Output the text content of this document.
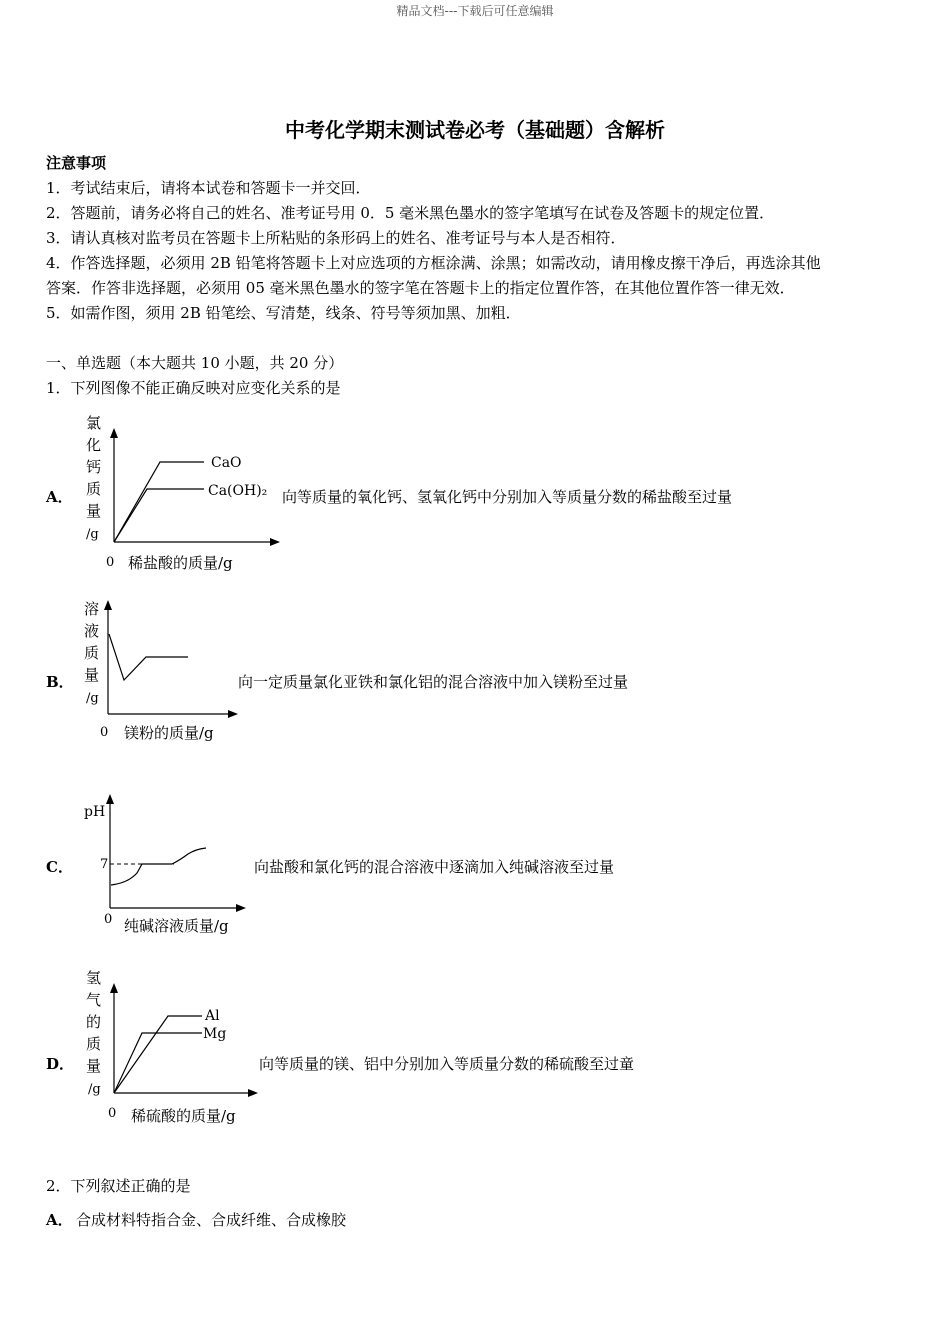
精品文档---下载后可任意编辑
中考化学期末测试卷必考（基础题）含解析
注意事项
1．考试结束后，请将本试卷和答题卡一并交回．
2．答题前，请务必将自己的姓名、准考证号用 0．5 毫米黑色墨水的签字笔填写在试卷及答题卡的规定位置．
3．请认真核对监考员在答题卡上所粘贴的条形码上的姓名、准考证号与本人是否相符．
4．作答选择题，必须用 2B 铅笔将答题卡上对应选项的方框涂满、涂黑；如需改动，请用橡皮擦干净后，再选涂其他
答案．作答非选择题，必须用 05 毫米黑色墨水的签字笔在答题卡上的指定位置作答，在其他位置作答一律无效．
5．如需作图，须用 2B 铅笔绘、写清楚，线条、符号等须加黑、加粗．
一、单选题（本大题共 10 小题，共 20 分）
1．下列图像不能正确反映对应变化关系的是
A．
氯
化
钙
质
量
/g
CaO
Ca(OH)₂
0 稀盐酸的质量/g
向等质量的氧化钙、氢氧化钙中分别加入等质量分数的稀盐酸至过量
B．
溶
液
质
量
/g
0 镁粉的质量/g
向一定质量氯化亚铁和氯化铝的混合溶液中加入镁粉至过量
C．
pH
7
0 纯碱溶液质量/g
向盐酸和氯化钙的混合溶液中逐滴加入纯碱溶液至过量
D．
氢
气
的
质
量
/g
Al
Mg
0 稀硫酸的质量/g
向等质量的镁、铝中分别加入等质量分数的稀硫酸至过童
2．下列叙述正确的是
A． 合成材料特指合金、合成纤维、合成橡胶
